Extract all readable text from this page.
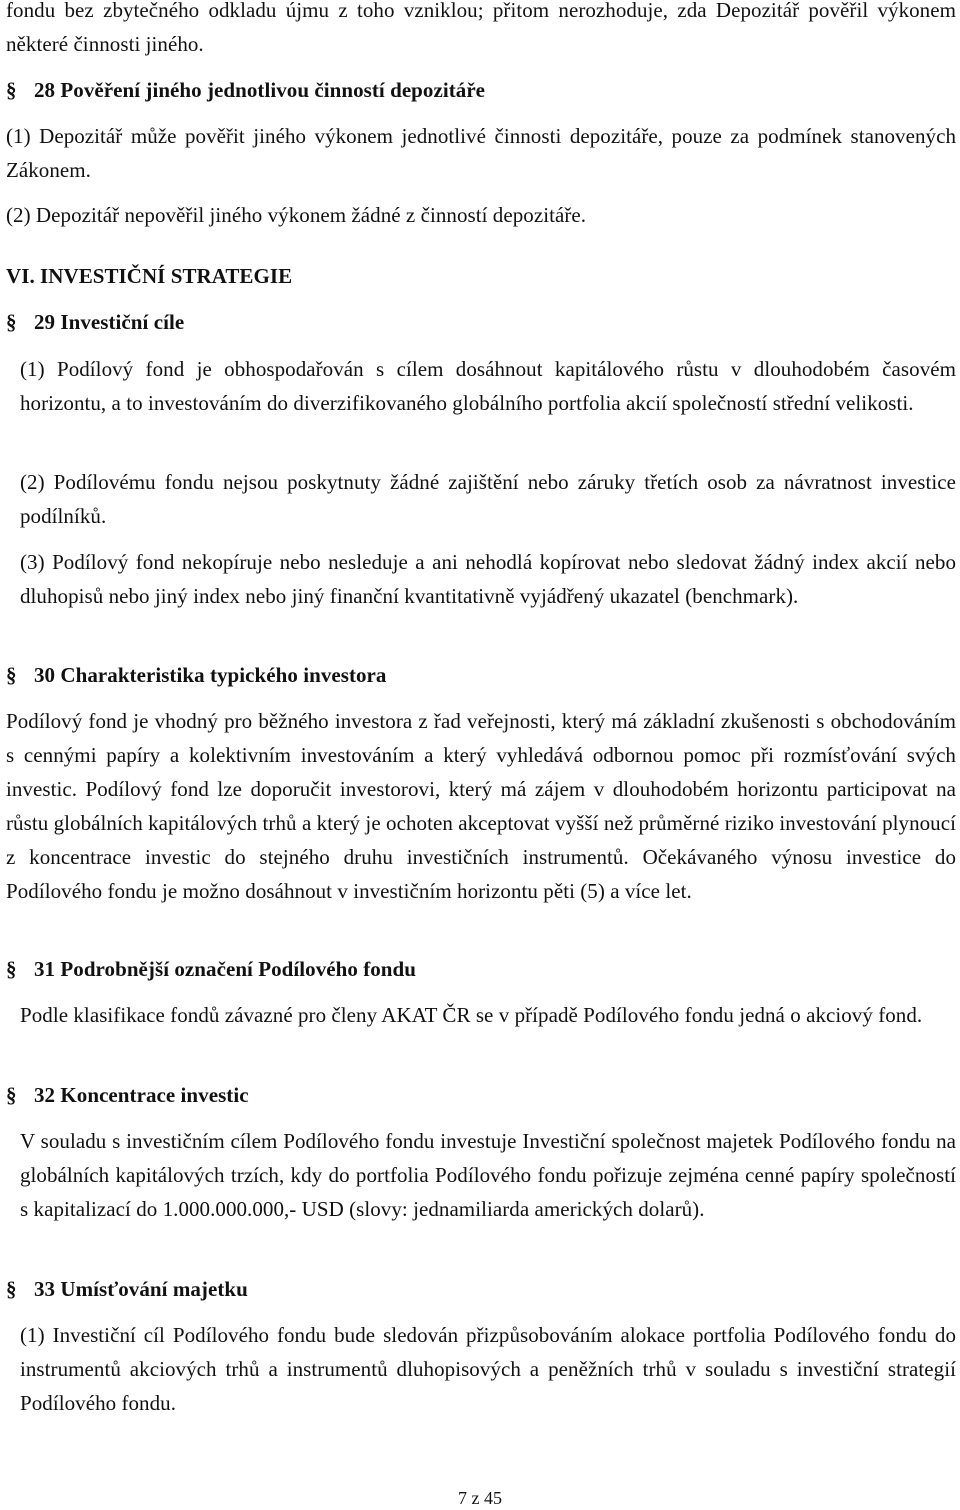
fondu bez zbytečného odkladu újmu z toho vzniklou; přitom nerozhoduje, zda Depozitář pověřil výkonem některé činnosti jiného.

§ 28 Pověření jiného jednotlivou činností depozitáře

(1) Depozitář může pověřit jiného výkonem jednotlivé činnosti depozitáře, pouze za podmínek stanovených Zákonem.

(2) Depozitář nepověřil jiného výkonem žádné z činností depozitáře.

VI. INVESTIČNÍ STRATEGIE
§ 29 Investiční cíle

(1) Podílový fond je obhospodařován s cílem dosáhnout kapitálového růstu v dlouhodobém časovém horizontu, a to investováním do diverzifikovaného globálního portfolia akcií společností střední velikosti.

(2) Podílovému fondu nejsou poskytnuty žádné zajištění nebo záruky třetích osob za návratnost investice podílníků.

(3) Podílový fond nekopíruje nebo nesleduje a ani nehodlá kopírovat nebo sledovat žádný index akcií nebo dluhopisů nebo jiný index nebo jiný finanční kvantitativně vyjádřený ukazatel (benchmark).

§ 30 Charakteristika typického investora

Podílový fond je vhodný pro běžného investora z řad veřejnosti, který má základní zkušenosti s obchodováním s cennými papíry a kolektivním investováním a který vyhledává odbornou pomoc při rozmísťování svých investic. Podílový fond lze doporučit investorovi, který má zájem v dlouhodobém horizontu participovat na růstu globálních kapitálových trhů a který je ochoten akceptovat vyšší než průměrné riziko investování plynoucí z koncentrace investic do stejného druhu investičních instrumentů. Očekávaného výnosu investice do Podílového fondu je možno dosáhnout v investičním horizontu pěti (5) a více let.

§ 31 Podrobnější označení Podílového fondu

Podle klasifikace fondů závazné pro členy AKAT ČR se v případě Podílového fondu jedná o akciový fond.

§ 32 Koncentrace investic

V souladu s investičním cílem Podílového fondu investuje Investiční společnost majetek Podílového fondu na globálních kapitálových trzích, kdy do portfolia Podílového fondu pořizuje zejména cenné papíry společností s kapitalizací do 1.000.000.000,- USD (slovy: jednamiliarda amerických dolarů).

§ 33 Umísťování majetku

(1) Investiční cíl Podílového fondu bude sledován přizpůsobováním alokace portfolia Podílového fondu do instrumentů akciových trhů a instrumentů dluhopisových a peněžních trhů v souladu s investiční strategií Podílového fondu.

7 z 45
